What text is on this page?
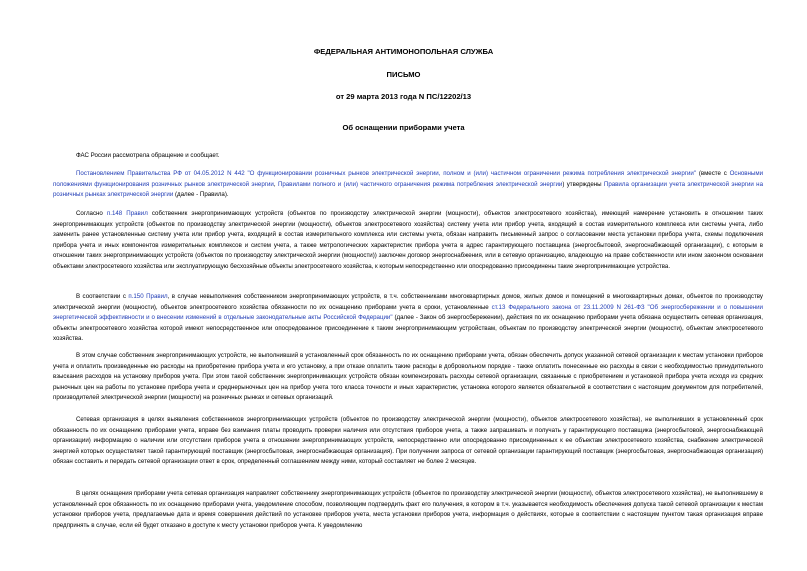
ФЕДЕРАЛЬНАЯ АНТИМОНОПОЛЬНАЯ СЛУЖБА
ПИСЬМО
от 29 марта 2013 года N ПС/12202/13
Об оснащении приборами учета
ФАС России рассмотрела обращение и сообщает.
Постановлением Правительства РФ от 04.05.2012 N 442 "О функционировании розничных рынков электрической энергии, полном и (или) частичном ограничении режима потребления электрической энергии" (вместе с Основными положениями функционирования розничных рынков электрической энергии, Правилами полного и (или) частичного ограничения режима потребления электрической энергии) утверждены Правила организации учета электрической энергии на розничных рынках электрической энергии (далее - Правила).
Согласно п.148 Правил собственник энергопринимающих устройств (объектов по производству электрической энергии (мощности), объектов электросетевого хозяйства), имеющий намерение установить в отношении таких энергопринимающих устройств (объектов по производству электрической энергии (мощности), объектов электросетевого хозяйства) систему учета или прибор учета, входящий в состав измерительного комплекса или системы учета, либо заменить ранее установленные систему учета или прибор учета, входящий в состав измерительного комплекса или системы учета, обязан направить письменный запрос о согласовании места установки прибора учета, схемы подключения прибора учета и иных компонентов измерительных комплексов и систем учета, а также метрологических характеристик прибора учета в адрес гарантирующего поставщика (энергосбытовой, энергоснабжающей организации), с которым в отношении таких энергопринимающих устройств (объектов по производству электрической энергии (мощности)) заключен договор энергоснабжения, или в сетевую организацию, владеющую на праве собственности или ином законном основании объектами электросетевого хозяйства или эксплуатирующую бесхозяйные объекты электросетевого хозяйства, к которым непосредственно или опосредованно присоединены такие энергопринимающие устройства.
В соответствии с п.150 Правил, в случае невыполнения собственником энергопринимающих устройств, в т.ч. собственниками многоквартирных домов, жилых домов и помещений в многоквартирных домах, объектов по производству электрической энергии (мощности), объектов электросетевого хозяйства обязанности по их оснащению приборами учета в сроки, установленные ст.13 Федерального закона от 23.11.2009 N 261-ФЗ "Об энергосбережении и о повышении энергетической эффективности и о внесении изменений в отдельные законодательные акты Российской Федерации" (далее - Закон об энергосбережении), действия по их оснащению приборами учета обязана осуществить сетевая организация, объекты электросетевого хозяйства которой имеют непосредственное или опосредованное присоединение к таким энергопринимающим устройствам, объектам по производству электрической энергии (мощности), объектам электросетевого хозяйства.
В этом случае собственник энергопринимающих устройств, не выполнивший в установленный срок обязанность по их оснащению приборами учета, обязан обеспечить допуск указанной сетевой организации к местам установки приборов учета и оплатить произведенные ею расходы на приобретение прибора учета и его установку, а при отказе оплатить такие расходы в добровольном порядке - также оплатить понесенные ею расходы в связи с необходимостью принудительного взыскания расходов на установку приборов учета. При этом такой собственник энергопринимающих устройств обязан компенсировать расходы сетевой организации, связанные с приобретением и установкой прибора учета исходя из средних рыночных цен на работы по установке прибора учета и среднерыночных цен на прибор учета того класса точности и иных характеристик, установка которого является обязательной в соответствии с настоящим документом для потребителей, производителей электрической энергии (мощности) на розничных рынках и сетевых организаций.
Сетевая организация в целях выявления собственников энергопринимающих устройств (объектов по производству электрической энергии (мощности), объектов электросетевого хозяйства), не выполнивших в установленный срок обязанность по их оснащению приборами учета, вправе без взимания платы проводить проверки наличия или отсутствия приборов учета, а также запрашивать и получать у гарантирующего поставщика (энергосбытовой, энергоснабжающей организации) информацию о наличии или отсутствии приборов учета в отношении энергопринимающих устройств, непосредственно или опосредованно присоединенных к ее объектам электросетевого хозяйства, снабжение электрической энергией которых осуществляет такой гарантирующий поставщик (энергосбытовая, энергоснабжающая организация). При получении запроса от сетевой организации гарантирующий поставщик (энергосбытовая, энергоснабжающая организация) обязан составить и передать сетевой организации ответ в срок, определенный соглашением между ними, который составляет не более 2 месяцев.
В целях оснащения приборами учета сетевая организация направляет собственнику энергопринимающих устройств (объектов по производству электрической энергии (мощности), объектов электросетевого хозяйства), не выполнившему в установленный срок обязанность по их оснащению приборами учета, уведомление способом, позволяющим подтвердить факт его получения, в котором в т.ч. указывается необходимость обеспечения допуска такой сетевой организации к местам установки приборов учета, предлагаемые дата и время совершения действий по установке приборов учета, места установки приборов учета, информация о действиях, которые в соответствии с настоящим пунктом такая организация вправе предпринять в случае, если ей будет отказано в доступе к месту установки приборов учета. К уведомлению
